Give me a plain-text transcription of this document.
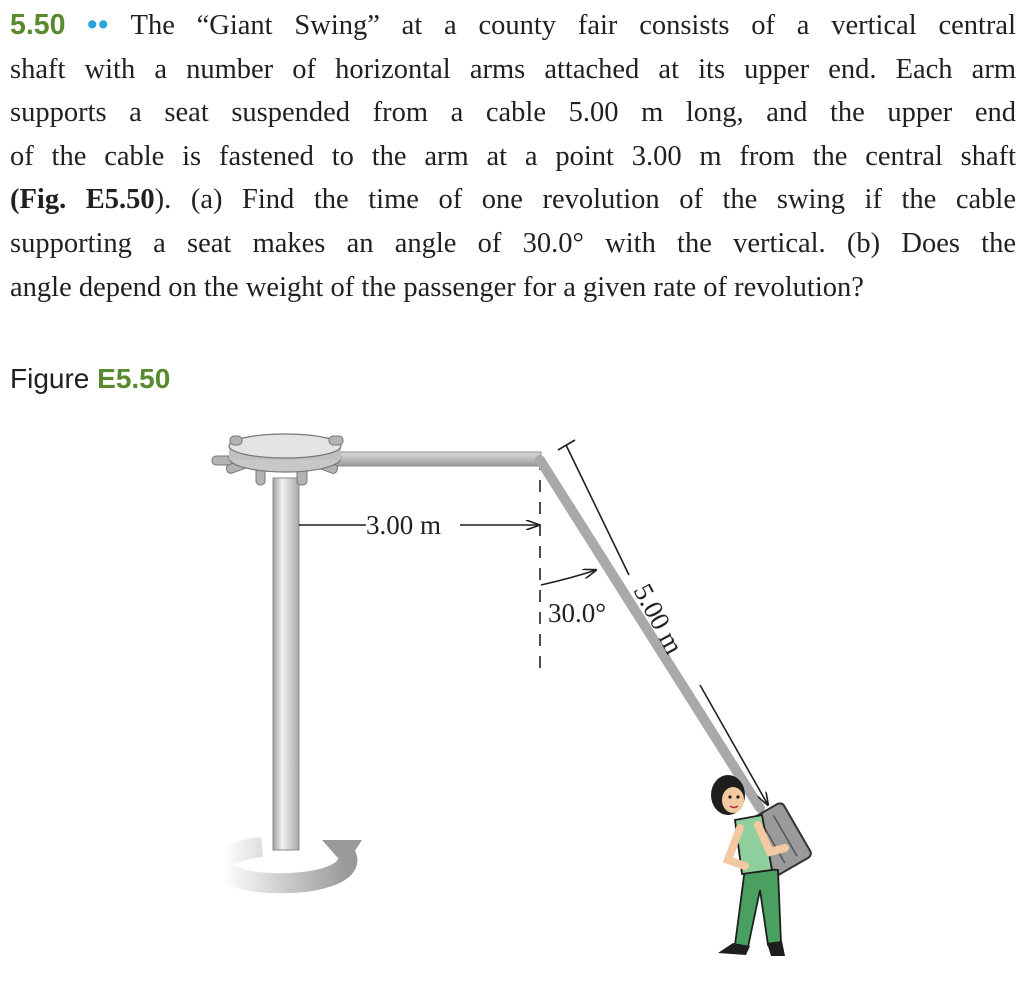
5.50 •• The “Giant Swing” at a county fair consists of a vertical central
shaft with a number of horizontal arms attached at its upper end. Each arm
supports a seat suspended from a cable 5.00 m long, and the upper end
of the cable is fastened to the arm at a point 3.00 m from the central shaft
(Fig. E5.50). (a) Find the time of one revolution of the swing if the cable
supporting a seat makes an angle of 30.0° with the vertical. (b) Does the
angle depend on the weight of the passenger for a given rate of revolution?
Figure E5.50
3.00 m
5.00 m
30.0°
